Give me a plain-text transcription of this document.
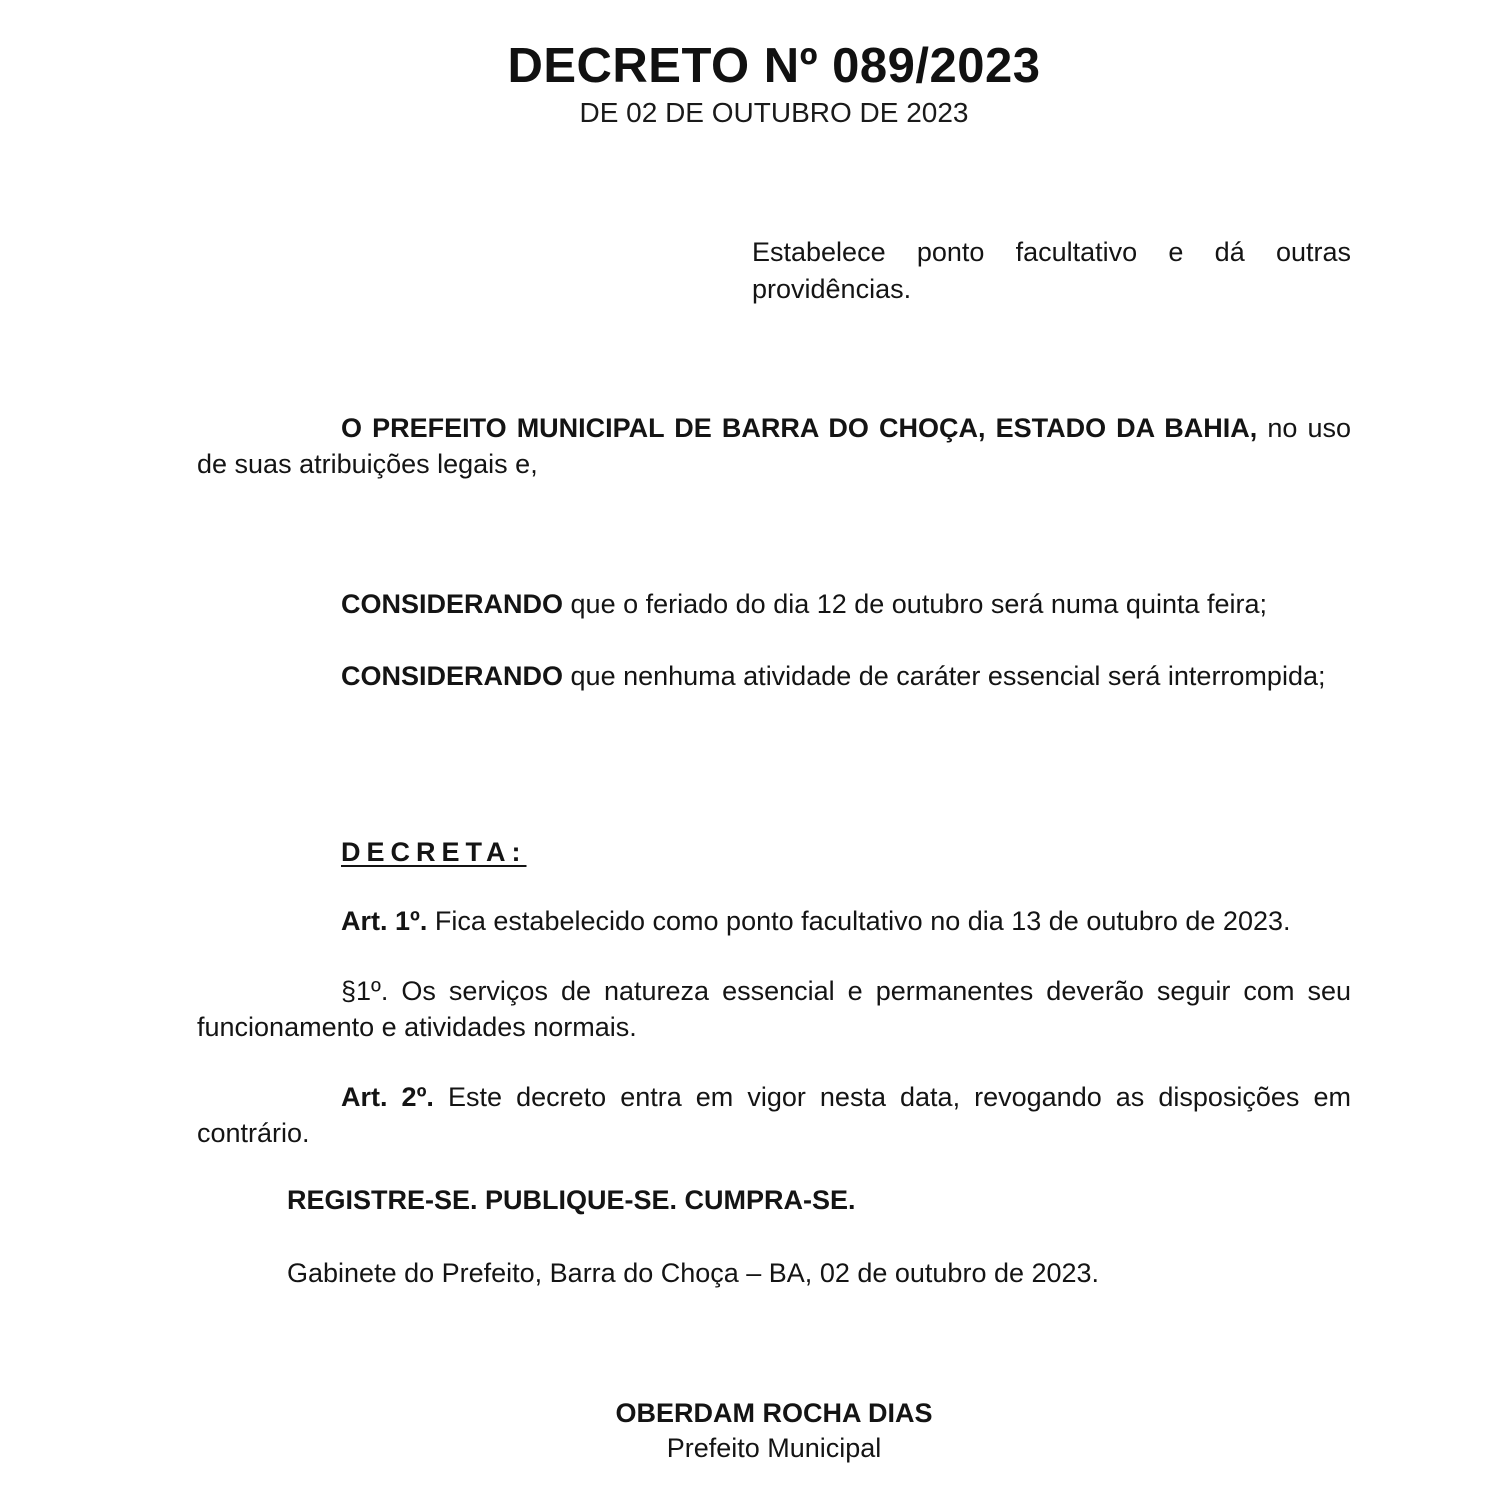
DECRETO Nº 089/2023
DE 02 DE OUTUBRO DE 2023
Estabelece ponto facultativo e dá outras providências.
O PREFEITO MUNICIPAL DE BARRA DO CHOÇA, ESTADO DA BAHIA, no uso de suas atribuições legais e,
CONSIDERANDO que o feriado do dia 12 de outubro será numa quinta feira;
CONSIDERANDO que nenhuma atividade de caráter essencial será interrompida;
DECRETA:
Art. 1º. Fica estabelecido como ponto facultativo no dia 13 de outubro de 2023.
§1º. Os serviços de natureza essencial e permanentes deverão seguir com seu funcionamento e atividades normais.
Art. 2º. Este decreto entra em vigor nesta data, revogando as disposições em contrário.
REGISTRE-SE. PUBLIQUE-SE. CUMPRA-SE.
Gabinete do Prefeito, Barra do Choça – BA, 02 de outubro de 2023.
OBERDAM ROCHA DIAS
Prefeito Municipal
